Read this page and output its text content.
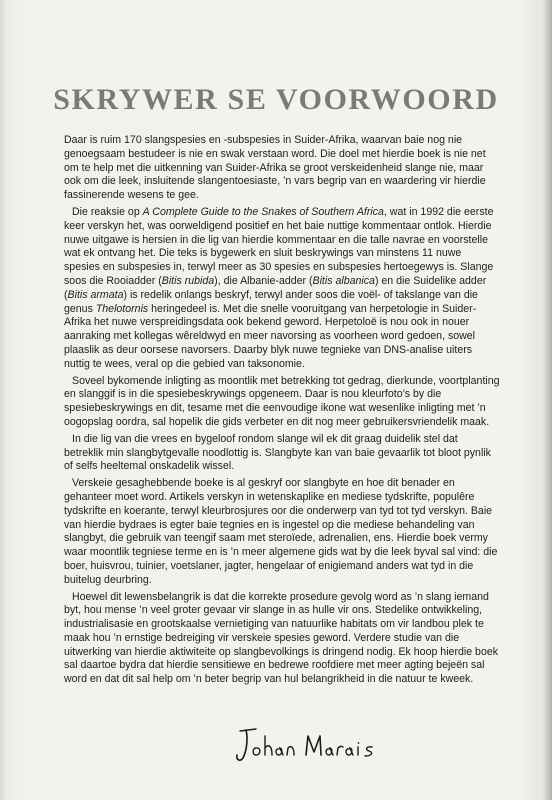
SKRYWER SE VOORWOORD

Daar is ruim 170 slangspesies en -subspesies in Suider-Afrika, waarvan baie nog nie genoegsaam bestudeer is nie en swak verstaan word. Die doel met hierdie boek is nie net om te help met die uitkenning van Suider-Afrika se groot verskeidenheid slange nie, maar ook om die leek, insluitende slangentoesiaste, ’n vars begrip van en waardering vir hierdie fassinerende wesens te gee.

Die reaksie op A Complete Guide to the Snakes of Southern Africa, wat in 1992 die eerste keer verskyn het, was oorweldigend positief en het baie nuttige kommentaar ontlok. Hierdie nuwe uitgawe is hersien in die lig van hierdie kommentaar en die talle navrae en voorstelle wat ek ontvang het. Die teks is bygewerk en sluit beskrywings van minstens 11 nuwe spesies en subspesies in, terwyl meer as 30 spesies en subspesies hertoegewys is. Slange soos die Rooiadder (Bitis rubida), die Albanie-adder (Bitis albanica) en die Suidelike adder (Bitis armata) is redelik onlangs beskryf, terwyl ander soos die voël- of takslange van die genus Thelotornis heringedeel is. Met die snelle vooruitgang van herpetologie in Suider-Afrika het nuwe verspreidingsdata ook bekend geword. Herpetoloë is nou ook in nouer aanraking met kollegas wêreldwyd en meer navorsing as voorheen word gedoen, sowel plaaslik as deur oorsese navorsers. Daarby blyk nuwe tegnieke van DNS-analise uiters nuttig te wees, veral op die gebied van taksonomie.

Soveel bykomende inligting as moontlik met betrekking tot gedrag, dierkunde, voortplanting en slanggif is in die spesiebeskrywings opgeneem. Daar is nou kleurfoto’s by die spesiebeskrywings en dit, tesame met die eenvoudige ikone wat wesenlike inligting met ’n oogopslag oordra, sal hopelik die gids verbeter en dit nog meer gebruikersvriendelik maak.

In die lig van die vrees en bygeloof rondom slange wil ek dit graag duidelik stel dat betreklik min slangbytgevalle noodlottig is. Slangbyte kan van baie gevaarlik tot bloot pynlik of selfs heeltemal onskadelik wissel.

Verskeie gesaghebbende boeke is al geskryf oor slangbyte en hoe dit benader en gehanteer moet word. Artikels verskyn in wetenskaplike en mediese tydskrifte, populêre tydskrifte en koerante, terwyl kleurbrosjures oor die onderwerp van tyd tot tyd verskyn. Baie van hierdie bydraes is egter baie tegnies en is ingestel op die mediese behandeling van slangbyt, die gebruik van teengif saam met steroïede, adrenalien, ens. Hierdie boek vermy waar moontlik tegniese terme en is ’n meer algemene gids wat by die leek byval sal vind: die boer, huisvrou, tuinier, voetslaner, jagter, hengelaar of enigiemand anders wat tyd in die buitelug deurbring.

Hoewel dit lewensbelangrik is dat die korrekte prosedure gevolg word as ’n slang iemand byt, hou mense ’n veel groter gevaar vir slange in as hulle vir ons. Stedelike ontwikkeling, industrialisasie en grootskaalse vernietiging van natuurlike habitats om vir landbou plek te maak hou ’n ernstige bedreiging vir verskeie spesies geword. Verdere studie van die uitwerking van hierdie aktiwiteite op slangbevolkings is dringend nodig. Ek hoop hierdie boek sal daartoe bydra dat hierdie sensitiewe en bedrewe roofdiere met meer agting bejeën sal word en dat dit sal help om ’n beter begrip van hul belangrikheid in die natuur te kweek.
